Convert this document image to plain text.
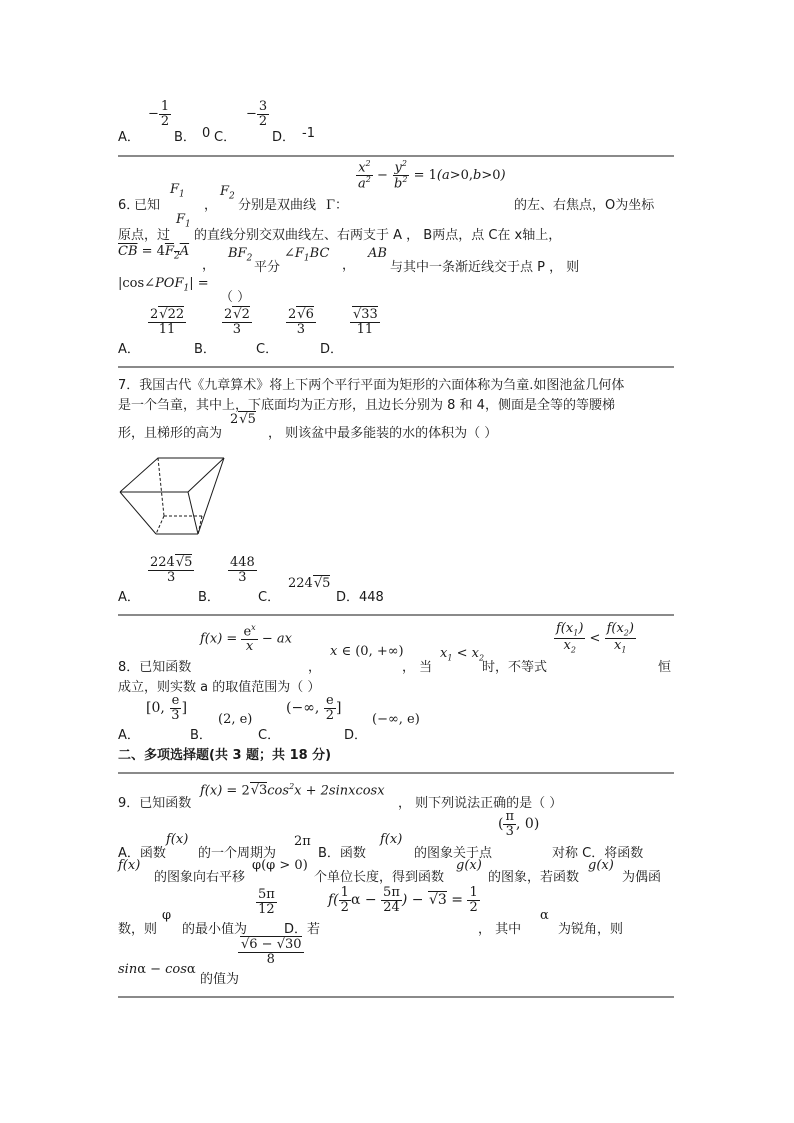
A．
− $\frac{1}{2}$
B． 0 C．
− $\frac{3}{2}$
D． -1
6．
已知
$F_1$
，
$F_2$
分别是双曲线 Γ：
$\frac{x^2}{a^2} - \frac{y^2}{b^2} = 1(a>0,b>0)$
的左、右焦点，O为坐标
原点，过
$F_1$
的直线分别交双曲线左、右两支于 A ， B两点，点 C在 x轴上，
$\overline{CB} = 4F_2A$
，
$BF_2$
平分
$\angle F_1BC$
，
AB
与其中一条渐近线交于点 P ， 则
$|\cos\angle POF_1|$ =
（ ）
A．
$\frac{2√22}{11}$
B．
$\frac{2√2}{3}$
C．
$\frac{2√6}{3}$
D．
$\frac{√33}{11}$
7．我国古代《九章算术》将上下两个平行平面为矩形的六面体称为刍童.如图池盆几何体
是一个刍童，其中上，下底面均为正方形，且边长分别为 8 和 4，侧面是全等的等腰梯
形，且梯形的高为
2√5
， 则该盆中最多能装的水的体积为（ ）
A．
$\frac{224√5}{3}$
B．
$\frac{448}{3}$
C．
224√5
D．448
8．已知函数
$f(x) = \frac{e^x}{x}$ − ax
，
x ∈ (0, +∞)
， 当
$x_1 < x_2$
时，不等式
$\frac{f(x_1)}{x_2} < \frac{f(x_2)}{x_1}$
恒
成立，则实数 a 的取值范围为（ ）
A．
[0, $\frac{e}{3}$ ]
B．
(2, e)
C．
(−∞, $\frac{e}{2}$ ]
D．
(−∞, e)
二、多项选择题(共 3 题；共 18 分)
9．已知函数
$f(x) = 2√3\cos^2x$ + 2sinxcosx
， 则下列说法正确的是（ ）
A．函数
f(x)
的一个周期为
2π
B．函数
f(x)
的图象关于点
( $\frac{\pi}{3}$ , 0)
对称 C．将函数
f(x)
的图象向右平移
φ(φ > 0)
个单位长度，得到函数
g(x)
的图象，若函数
g(x)
为偶函
数，则
φ
的最小值为
$\frac{5\pi}{12}$
D．若
$f( \frac{1}{2}$ $\alpha - \frac{5\pi}{24}$ ) − $√3 = \frac{1}{2}$
， 其中
α
为锐角，则
sinα − cosα
的值为
$\frac{√6 - √30}{8}$
